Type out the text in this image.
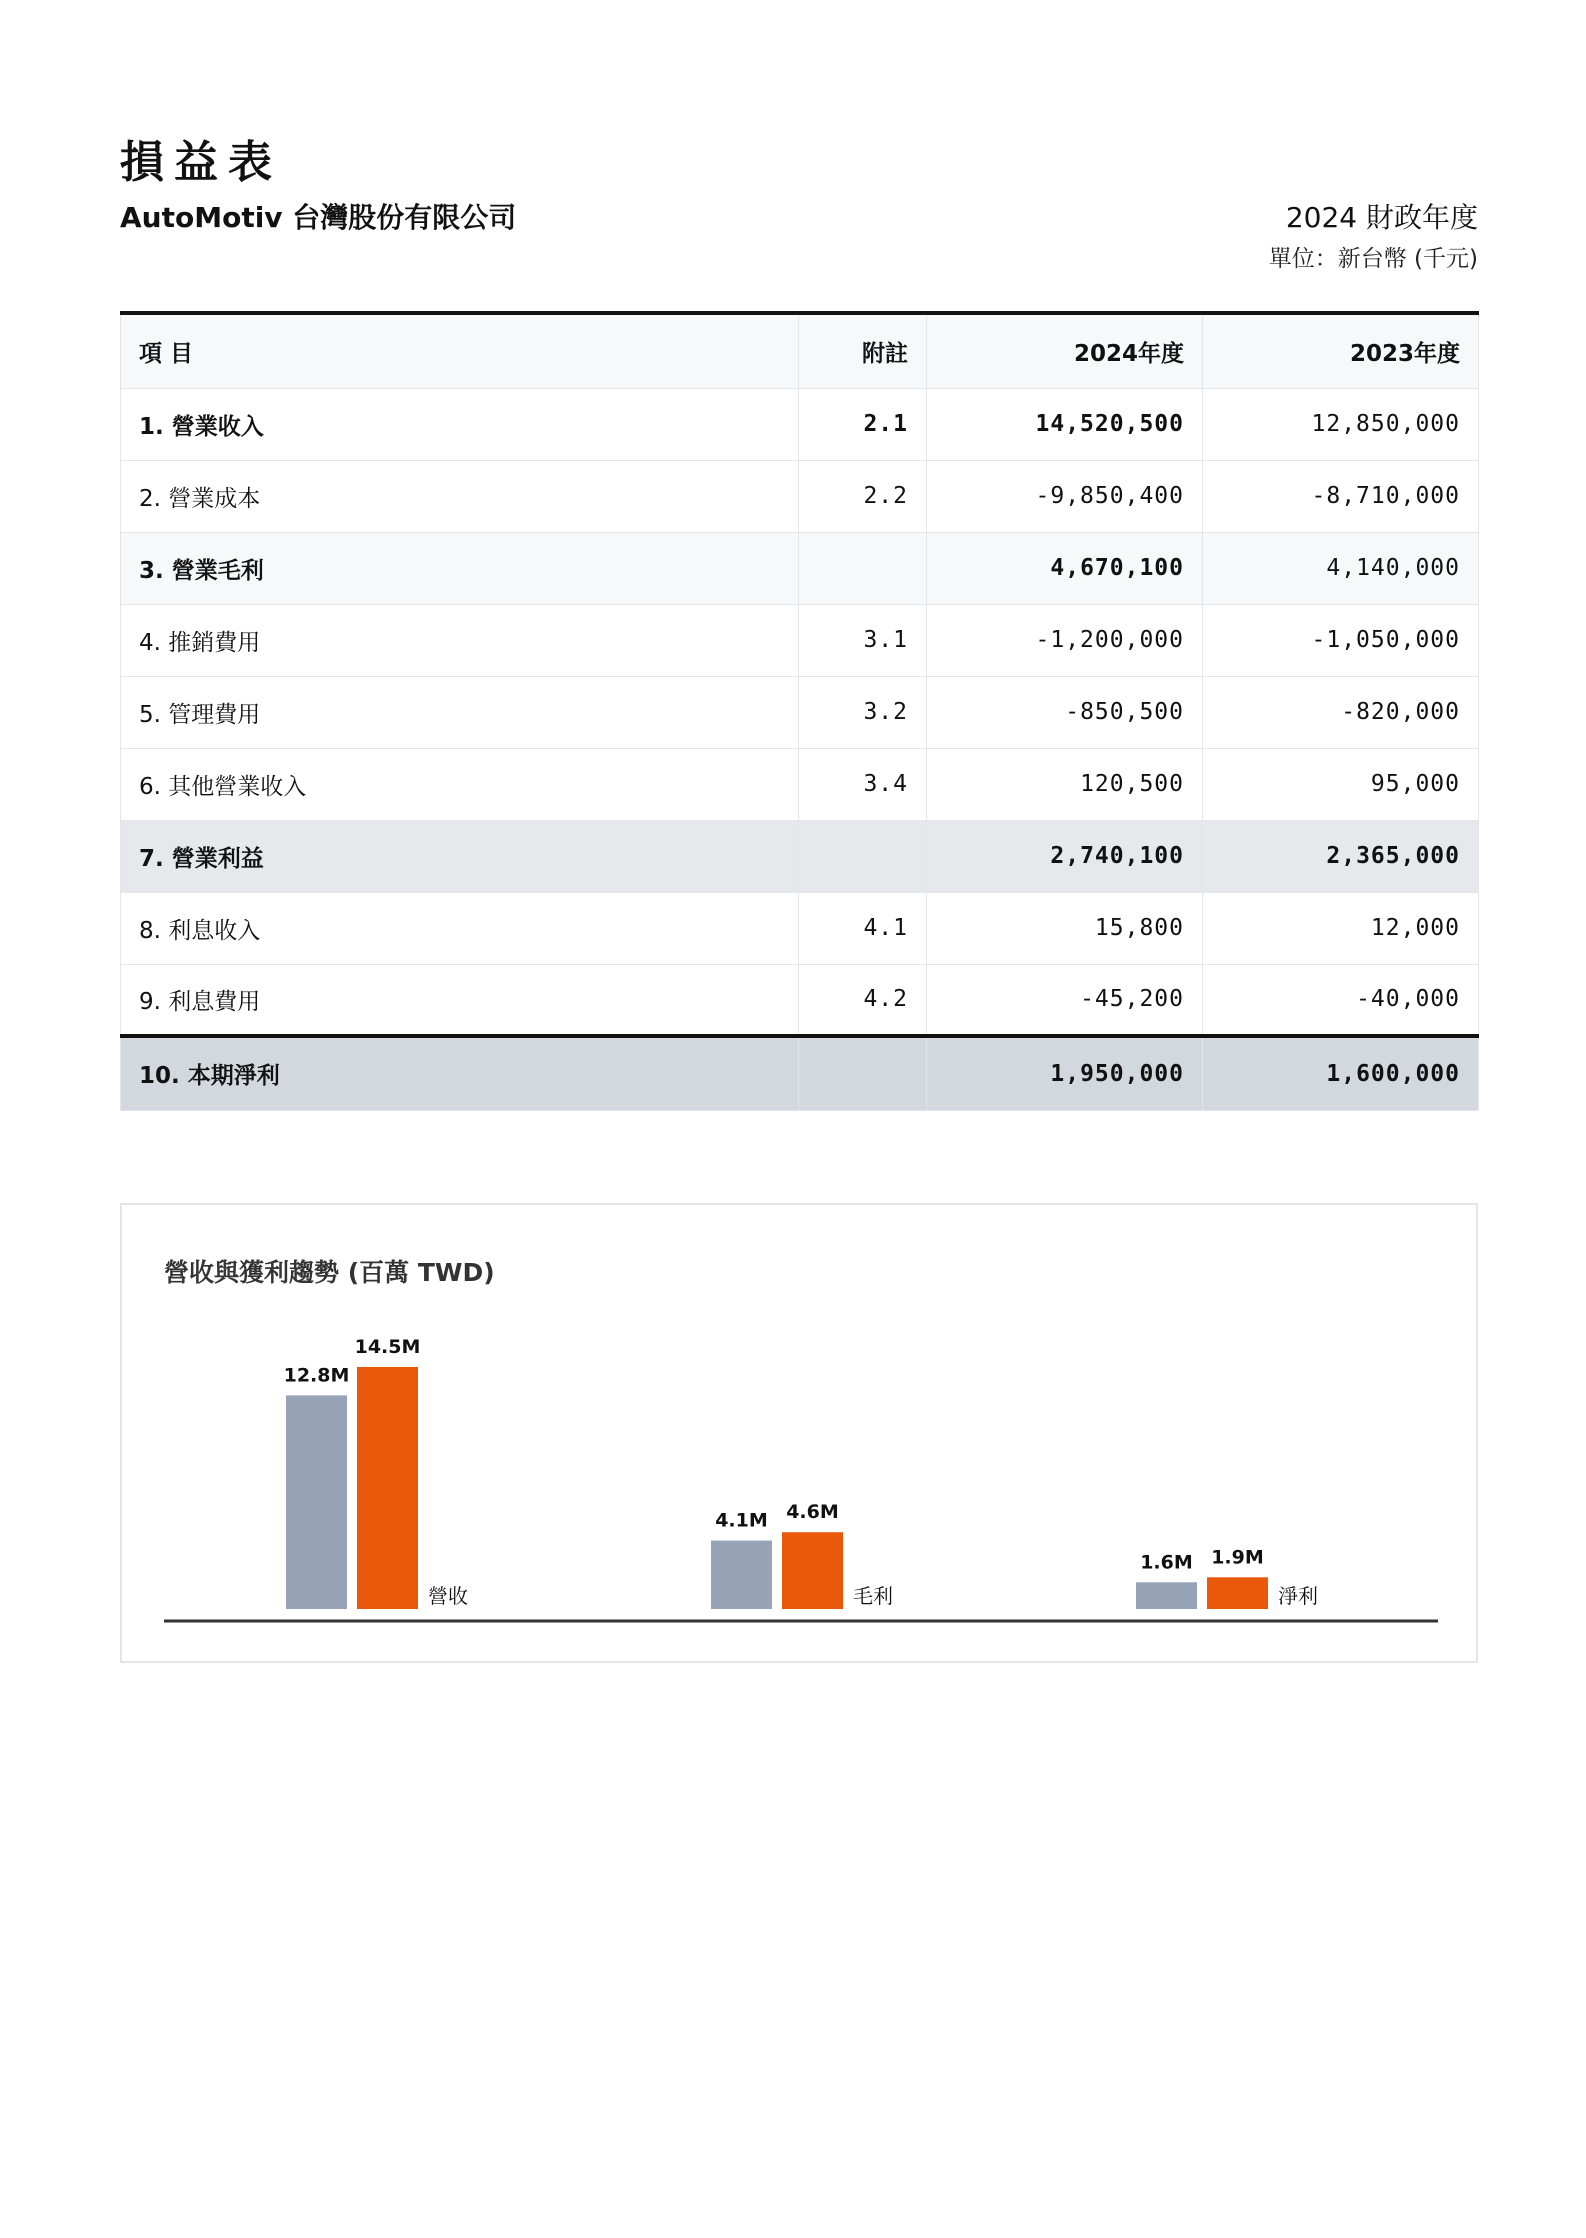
損益表
AutoMotiv 台灣股份有限公司	2024 財政年度
單位：新台幣 (千元)
項 目	附註	2024年度	2023年度
1. 營業收入	2.1	14,520,500	12,850,000
2. 營業成本	2.2	-9,850,400	-8,710,000
3. 營業毛利		4,670,100	4,140,000
4. 推銷費用	3.1	-1,200,000	-1,050,000
5. 管理費用	3.2	-850,500	-820,000
6. 其他營業收入	3.4	120,500	95,000
7. 營業利益		2,740,100	2,365,000
8. 利息收入	4.1	15,800	12,000
9. 利息費用	4.2	-45,200	-40,000
10. 本期淨利		1,950,000	1,600,000
營收與獲利趨勢 (百萬 TWD)
12.8M
14.5M
營收
4.1M 4.6M
毛利
1.6M 1.9M
淨利
